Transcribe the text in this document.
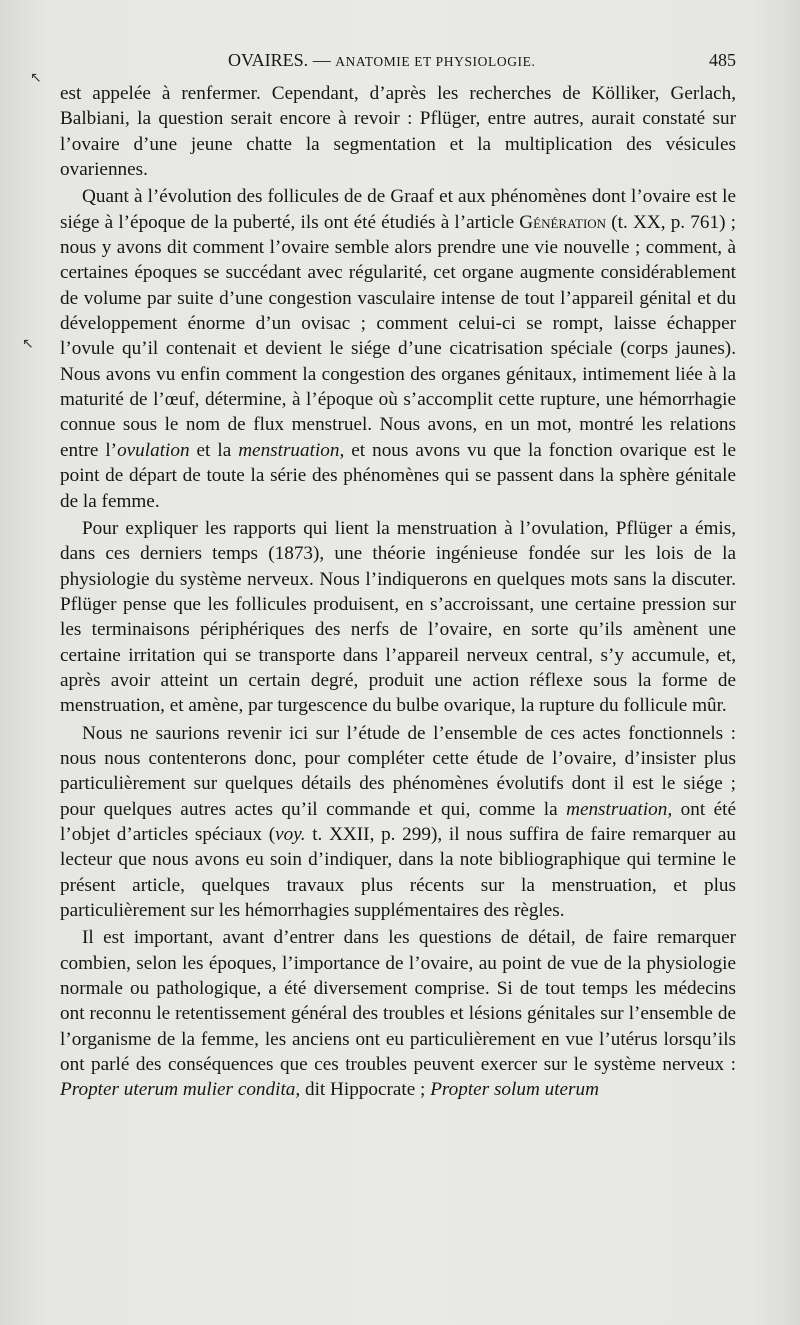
↖
↖
OVAIRES. — ANATOMIE ET PHYSIOLOGIE.	485

est appelée à renfermer. Cependant, d’après les recherches de Kölliker, Gerlach, Balbiani, la question serait encore à revoir : Pflüger, entre autres, aurait constaté sur l’ovaire d’une jeune chatte la segmentation et la multiplication des vésicules ovariennes.

Quant à l’évolution des follicules de de Graaf et aux phénomènes dont l’ovaire est le siége à l’époque de la puberté, ils ont été étudiés à l’article Génération (t. XX, p. 761) ; nous y avons dit comment l’ovaire semble alors prendre une vie nouvelle ; comment, à certaines époques se succédant avec régularité, cet organe augmente considérablement de volume par suite d’une congestion vasculaire intense de tout l’appareil génital et du développement énorme d’un ovisac ; comment celui-ci se rompt, laisse échapper l’ovule qu’il contenait et devient le siége d’une cicatrisation spéciale (corps jaunes). Nous avons vu enfin comment la congestion des organes génitaux, intimement liée à la maturité de l’œuf, détermine, à l’époque où s’accomplit cette rupture, une hémorrhagie connue sous le nom de flux menstruel. Nous avons, en un mot, montré les relations entre l’ovulation et la menstruation, et nous avons vu que la fonction ovarique est le point de départ de toute la série des phénomènes qui se passent dans la sphère génitale de la femme.

Pour expliquer les rapports qui lient la menstruation à l’ovulation, Pflüger a émis, dans ces derniers temps (1873), une théorie ingénieuse fondée sur les lois de la physiologie du système nerveux. Nous l’indiquerons en quelques mots sans la discuter. Pflüger pense que les follicules produisent, en s’accroissant, une certaine pression sur les terminaisons périphériques des nerfs de l’ovaire, en sorte qu’ils amènent une certaine irritation qui se transporte dans l’appareil nerveux central, s’y accumule, et, après avoir atteint un certain degré, produit une action réflexe sous la forme de menstruation, et amène, par turgescence du bulbe ovarique, la rupture du follicule mûr.

Nous ne saurions revenir ici sur l’étude de l’ensemble de ces actes fonctionnels : nous nous contenterons donc, pour compléter cette étude de l’ovaire, d’insister plus particulièrement sur quelques détails des phénomènes évolutifs dont il est le siége ; pour quelques autres actes qu’il commande et qui, comme la menstruation, ont été l’objet d’articles spéciaux (voy. t. XXII, p. 299), il nous suffira de faire remarquer au lecteur que nous avons eu soin d’indiquer, dans la note bibliographique qui termine le présent article, quelques travaux plus récents sur la menstruation, et plus particulièrement sur les hémorrhagies supplémentaires des règles.

Il est important, avant d’entrer dans les questions de détail, de faire remarquer combien, selon les époques, l’importance de l’ovaire, au point de vue de la physiologie normale ou pathologique, a été diversement comprise. Si de tout temps les médecins ont reconnu le retentissement général des troubles et lésions génitales sur l’ensemble de l’organisme de la femme, les anciens ont eu particulièrement en vue l’utérus lorsqu’ils ont parlé des conséquences que ces troubles peuvent exercer sur le système nerveux : Propter uterum mulier condita, dit Hippocrate ; Propter solum uterum
